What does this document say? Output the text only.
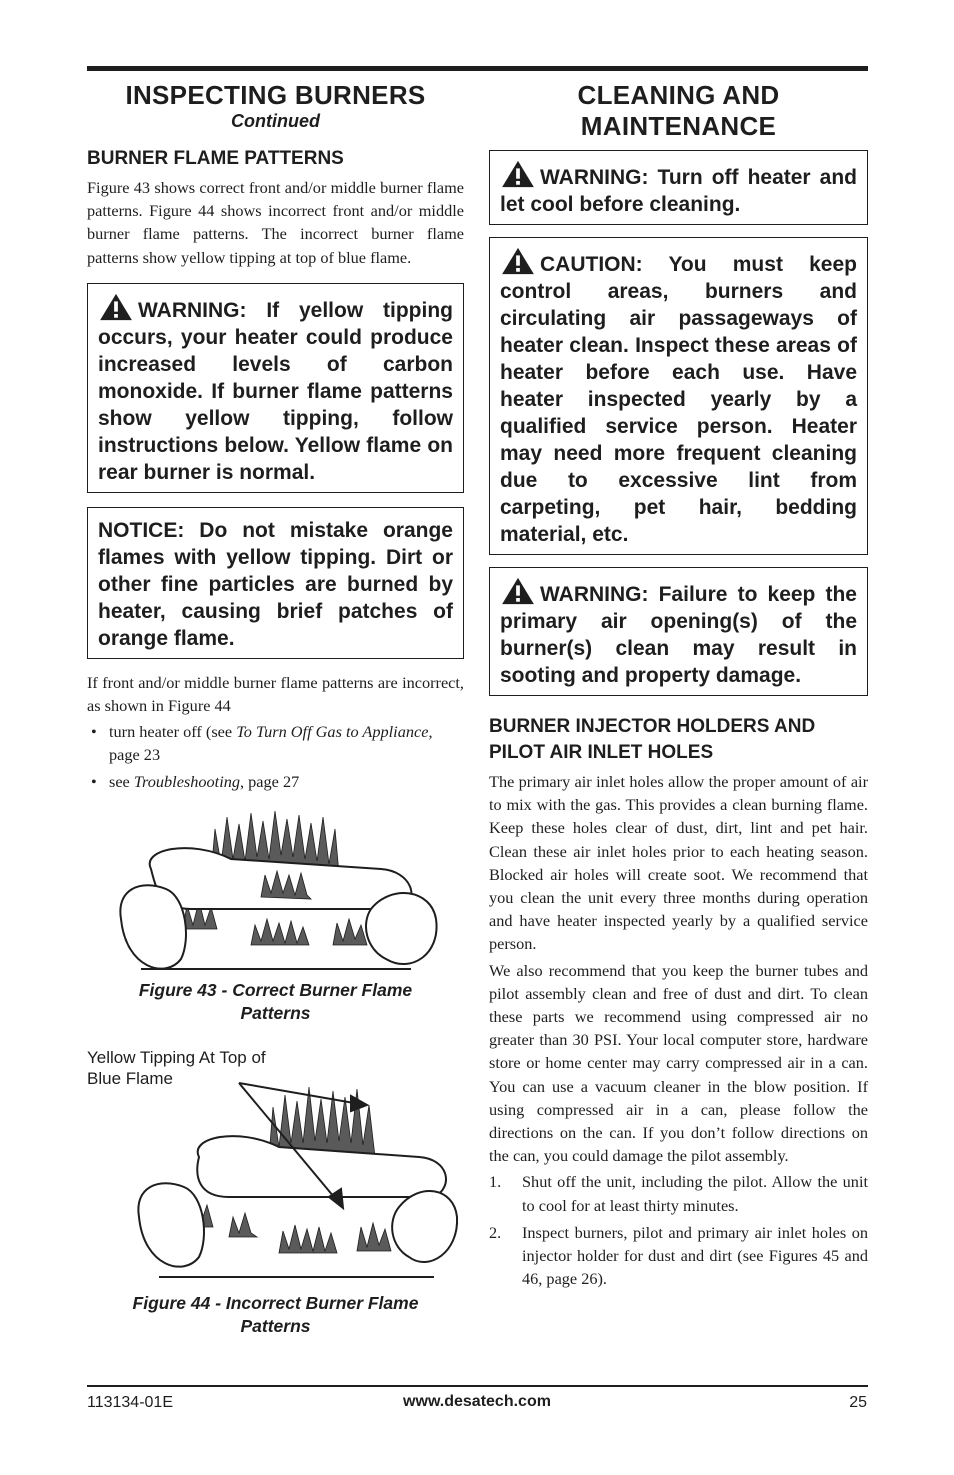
INSPECTING BURNERS

Continued

BURNER FLAME PATTERNS

Figure 43 shows correct front and/or middle burner flame patterns. Figure 44 shows incorrect front and/or middle burner flame patterns. The incorrect burner flame patterns show yellow tipping at top of blue flame.

WARNING: If yellow tipping occurs, your heater could produce increased levels of carbon monoxide. If burner flame patterns show yellow tipping, follow instructions below. Yellow flame on rear burner is normal.
NOTICE: Do not mistake orange flames with yellow tipping. Dirt or other fine particles are burned by heater, causing brief patches of orange flame.

If front and/or middle burner flame patterns are incorrect, as shown in Figure 44

• turn heater off (see To Turn Off Gas to Appliance, page 23
• see Troubleshooting, page 27

Figure 43 - Correct Burner Flame Patterns

Yellow Tipping At Top of Blue Flame

Figure 44 - Incorrect Burner Flame Patterns

CLEANING AND MAINTENANCE
WARNING: Turn off heater and let cool before cleaning.
CAUTION: You must keep control areas, burners and circulating air passageways of heater clean. Inspect these areas of heater before each use. Have heater inspected yearly by a qualified service person. Heater may need more frequent cleaning due to excessive lint from carpeting, pet hair, bedding material, etc.
WARNING: Failure to keep the primary air opening(s) of the burner(s) clean may result in sooting and property damage.
BURNER INJECTOR HOLDERS AND PILOT AIR INLET HOLES

The primary air inlet holes allow the proper amount of air to mix with the gas. This provides a clean burning flame. Keep these holes clear of dust, dirt, lint and pet hair. Clean these air inlet holes prior to each heating season. Blocked air holes will create soot. We recommend that you clean the unit every three months during operation and have heater inspected yearly by a qualified service person.

We also recommend that you keep the burner tubes and pilot assembly clean and free of dust and dirt. To clean these parts we recommend using compressed air no greater than 30 PSI. Your local computer store, hardware store or home center may carry compressed air in a can. You can use a vacuum cleaner in the blow position. If using compressed air in a can, please follow the directions on the can. If you don’t follow directions on the can, you could damage the pilot assembly.

1. Shut off the unit, including the pilot. Allow the unit to cool for at least thirty minutes.
2. Inspect burners, pilot and primary air inlet holes on injector holder for dust and dirt (see Figures 45 and 46, page 26).
113134-01E	www.desatech.com	25
